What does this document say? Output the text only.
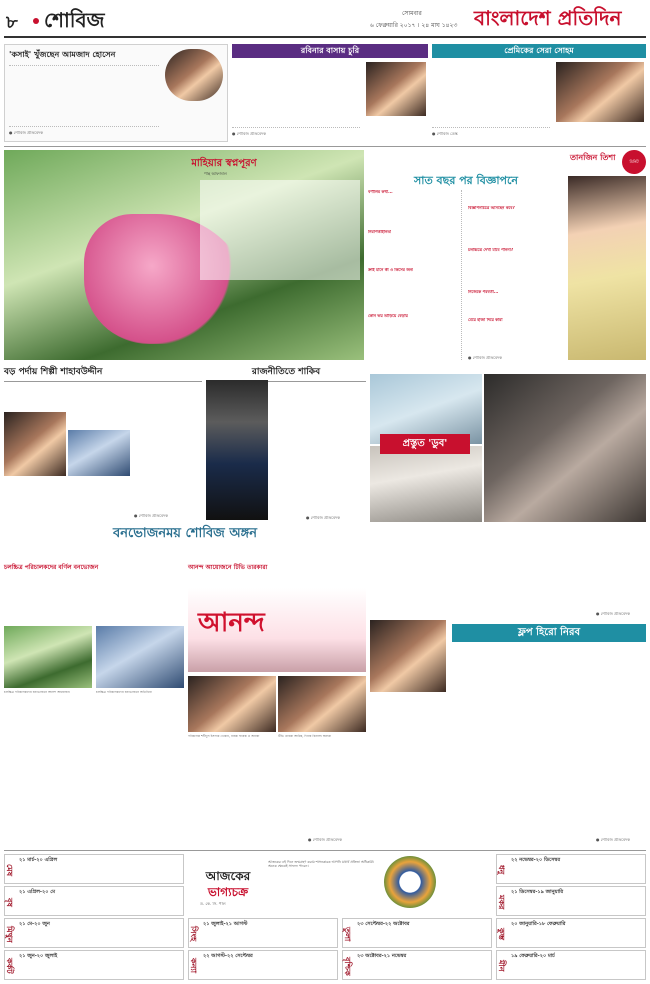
৮ শোবিজ	সোমবার
৬ ফেব্রুয়ারি ২০১৭ । ২৪ মাঘ ১৪২৩ বাংলাদেশ প্রতিদিন
'কসাই' খুঁজছেন আমজাদ হোসেন
● শোবিজ প্রতিবেদক
রবিনার বাসায় চুরি
● শোবিজ প্রতিবেদক
প্রেমিকের সেরা সোহম
● শোবিজ ডেস্ক
মাহিয়ার স্বপ্নপূরণ
পান্থ আফজাল
সাত বছর পর বিজ্ঞাপনে
বর্ণালির কথা...
নিরাপত্তাহীনতা
ক্রাই মানে কী ও কিসের জন্য
কোন ভয় তাড়িয়ে বেড়ায়
বিজ্ঞাপনচিত্রে আসছেন কবে?
চলচ্চিত্রে দেখা যাবে পাননা?
নিজেকে পরবর্তী...
মেয়ে হাজা দিয়ে কারা
● শোবিজ প্রতিবেদক
তানজিন তিশা	মিনিট
বড় পর্দায় শিল্পী শাহাবউদ্দীন
● শোবিজ প্রতিবেদক
রাজনীতিতে শাকিব
● শোবিজ প্রতিবেদক
প্রস্তুত 'ডুব'
● শোবিজ প্রতিবেদক
বনভোজনময় শোবিজ অঙ্গন
চলচ্চিত্র পরিচালকদের বর্ণিল বনভোজন
চলচ্চিত্র পরিচালকদের বনভোজনে আনন্দ আয়োজন	চলচ্চিত্র পরিচালকদের বনভোজনে অতিথিরা
আনন্দ আয়োজনে টিভি তারকারা
আনন্দ
পরিচালক শহীদুল ইসলাম খোকন, নায়ক ফারুক ও অন্যরা	টিভি তারকা আমির, দিনার রিনাসহ অন্যরা
● শোবিজ প্রতিবেদক
ফ্লপ হিরো নিরব
● শোবিজ প্রতিবেদক
আজকের
ভাগ্যচক্র
ড. কে. সি. পাল
আজকের এই দিনে জন্মগ্রহণ করায় শাসনকারক আপনি যথার্থ প্রতিভা অধিকারী। অনেক ক্ষেত্রেই সাফল্য পাবেন।
মেষ
২১ মার্চ-২০ এপ্রিল
বৃষ
২১ এপ্রিল-২০ মে
মিথুন
২১ মে-২০ জুন
কর্কট
২১ জুন-২০ জুলাই
সিংহ
২১ জুলাই-২১ আগস্ট
কন্যা
২২ আগস্ট-২২ সেপ্টেম্বর
তুলা
২৩ সেপ্টেম্বর-২২ অক্টোবর
বৃশ্চিক
২৩ অক্টোবর-২১ নভেম্বর
ধনু
২২ নভেম্বর-২০ ডিসেম্বর
মকর
২১ ডিসেম্বর-১৯ জানুয়ারি
কুম্ভ
২০ জানুয়ারি-১৮ ফেব্রুয়ারি
মীন
১৯ ফেব্রুয়ারি-২০ মার্চ
